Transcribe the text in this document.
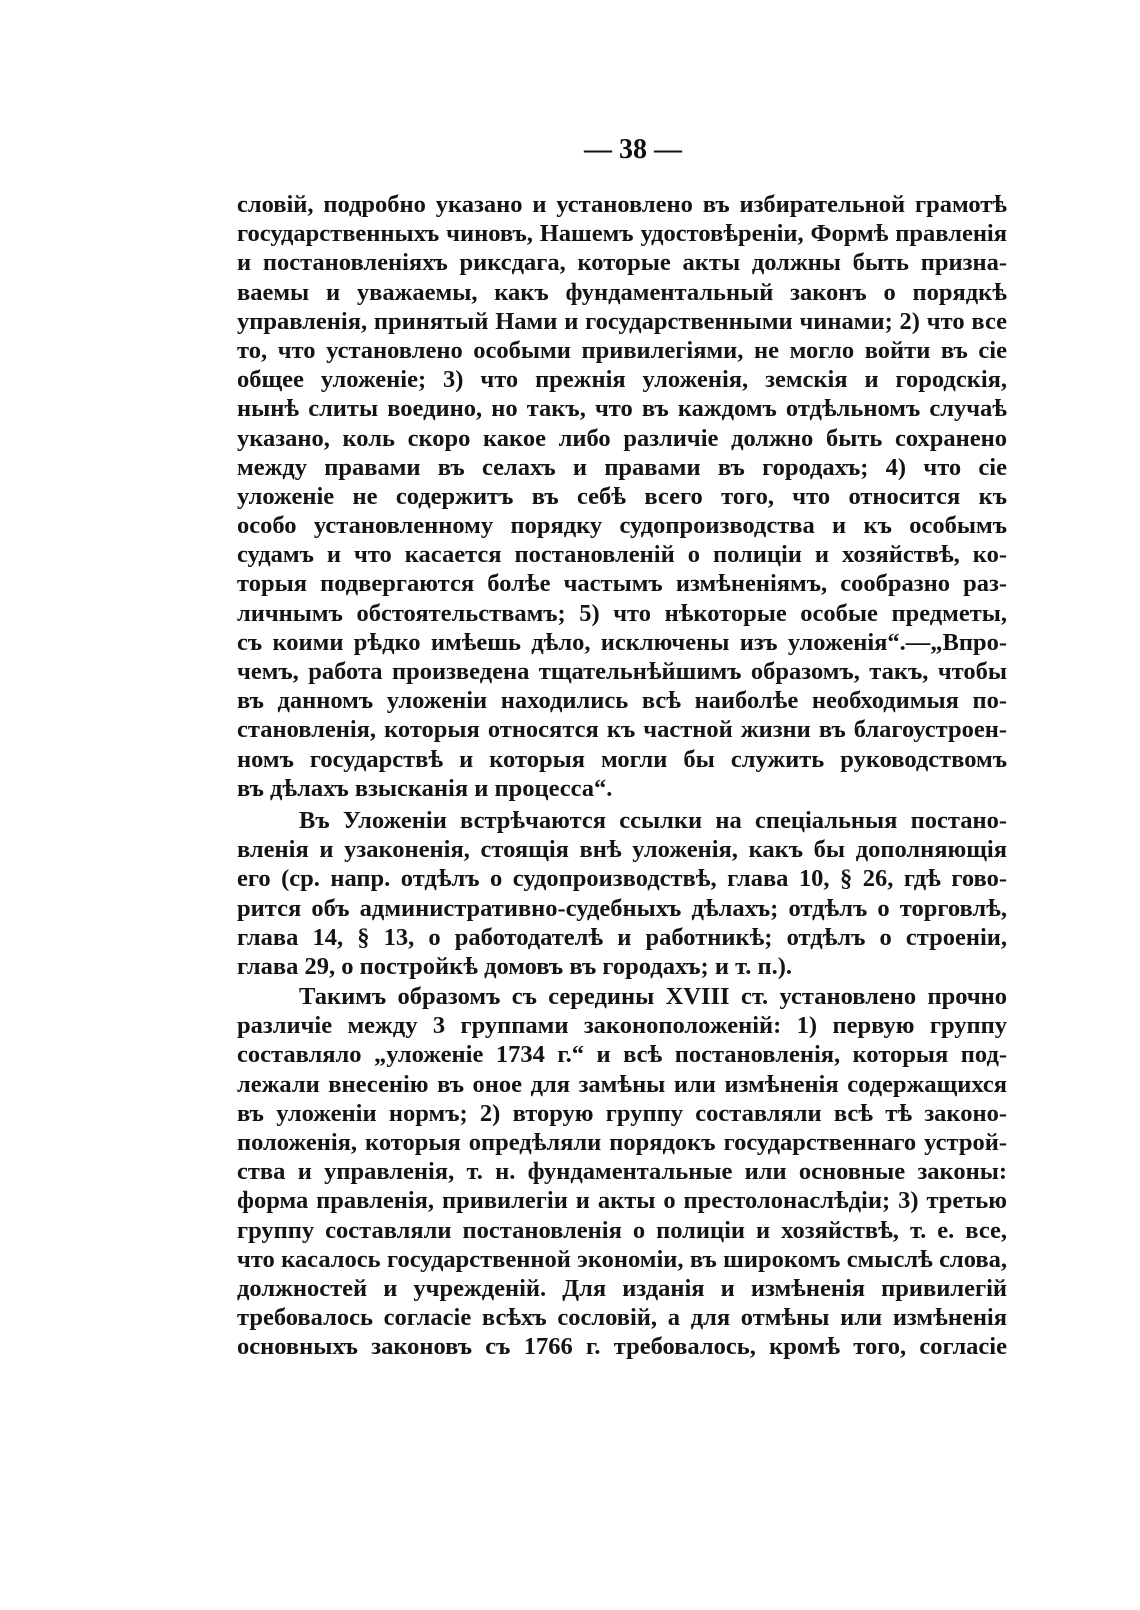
— 38 —
словій, подробно указано и установлено въ избирательной грамотѣ
государственныхъ чиновъ, Нашемъ удостовѣреніи, Формѣ правленія
и постановленіяхъ риксдага, которые акты должны быть призна-
ваемы и уважаемы, какъ фундаментальный законъ о порядкѣ
управленія, принятый Нами и государственными чинами; 2) что все
то, что установлено особыми привилегіями, не могло войти въ сіе
общее уложеніе; 3) что прежнія уложенія, земскія и городскія,
нынѣ слиты воедино, но такъ, что въ каждомъ отдѣльномъ случаѣ
указано, коль скоро какое либо различіе должно быть сохранено
между правами въ селахъ и правами въ городахъ; 4) что сіе
уложеніе не содержитъ въ себѣ всего того, что относится къ
особо установленному порядку судопроизводства и къ особымъ
судамъ и что касается постановленій о полиціи и хозяйствѣ, ко-
торыя подвергаются болѣе частымъ измѣненіямъ, сообразно раз-
личнымъ обстоятельствамъ; 5) что нѣкоторые особые предметы,
съ коими рѣдко имѣешь дѣло, исключены изъ уложенія“.—„Впро-
чемъ, работа произведена тщательнѣйшимъ образомъ, такъ, чтобы
въ данномъ уложеніи находились всѣ наиболѣе необходимыя по-
становленія, которыя относятся къ частной жизни въ благоустроен-
номъ государствѣ и которыя могли бы служить руководствомъ
въ дѣлахъ взысканія и процесса“.
Въ Уложеніи встрѣчаются ссылки на спеціальныя постано-
вленія и узаконенія, стоящія внѣ уложенія, какъ бы дополняющія
его (ср. напр. отдѣлъ о судопроизводствѣ, глава 10, § 26, гдѣ гово-
рится объ административно-судебныхъ дѣлахъ; отдѣлъ о торговлѣ,
глава 14, § 13, о работодателѣ и работникѣ; отдѣлъ о строеніи,
глава 29, о постройкѣ домовъ въ городахъ; и т. п.).
Такимъ образомъ съ середины XVIII ст. установлено прочно
различіе между 3 группами законоположеній: 1) первую группу
составляло „уложеніе 1734 г.“ и всѣ постановленія, которыя под-
лежали внесенію въ оное для замѣны или измѣненія содержащихся
въ уложеніи нормъ; 2) вторую группу составляли всѣ тѣ законо-
положенія, которыя опредѣляли порядокъ государственнаго устрой-
ства и управленія, т. н. фундаментальные или основные законы:
форма правленія, привилегіи и акты о престолонаслѣдіи; 3) третью
группу составляли постановленія о полиціи и хозяйствѣ, т. е. все,
что касалось государственной экономіи, въ широкомъ смыслѣ слова,
должностей и учрежденій. Для изданія и измѣненія привилегій
требовалось согласіе всѣхъ сословій, а для отмѣны или измѣненія
основныхъ законовъ съ 1766 г. требовалось, кромѣ того, согласіе
